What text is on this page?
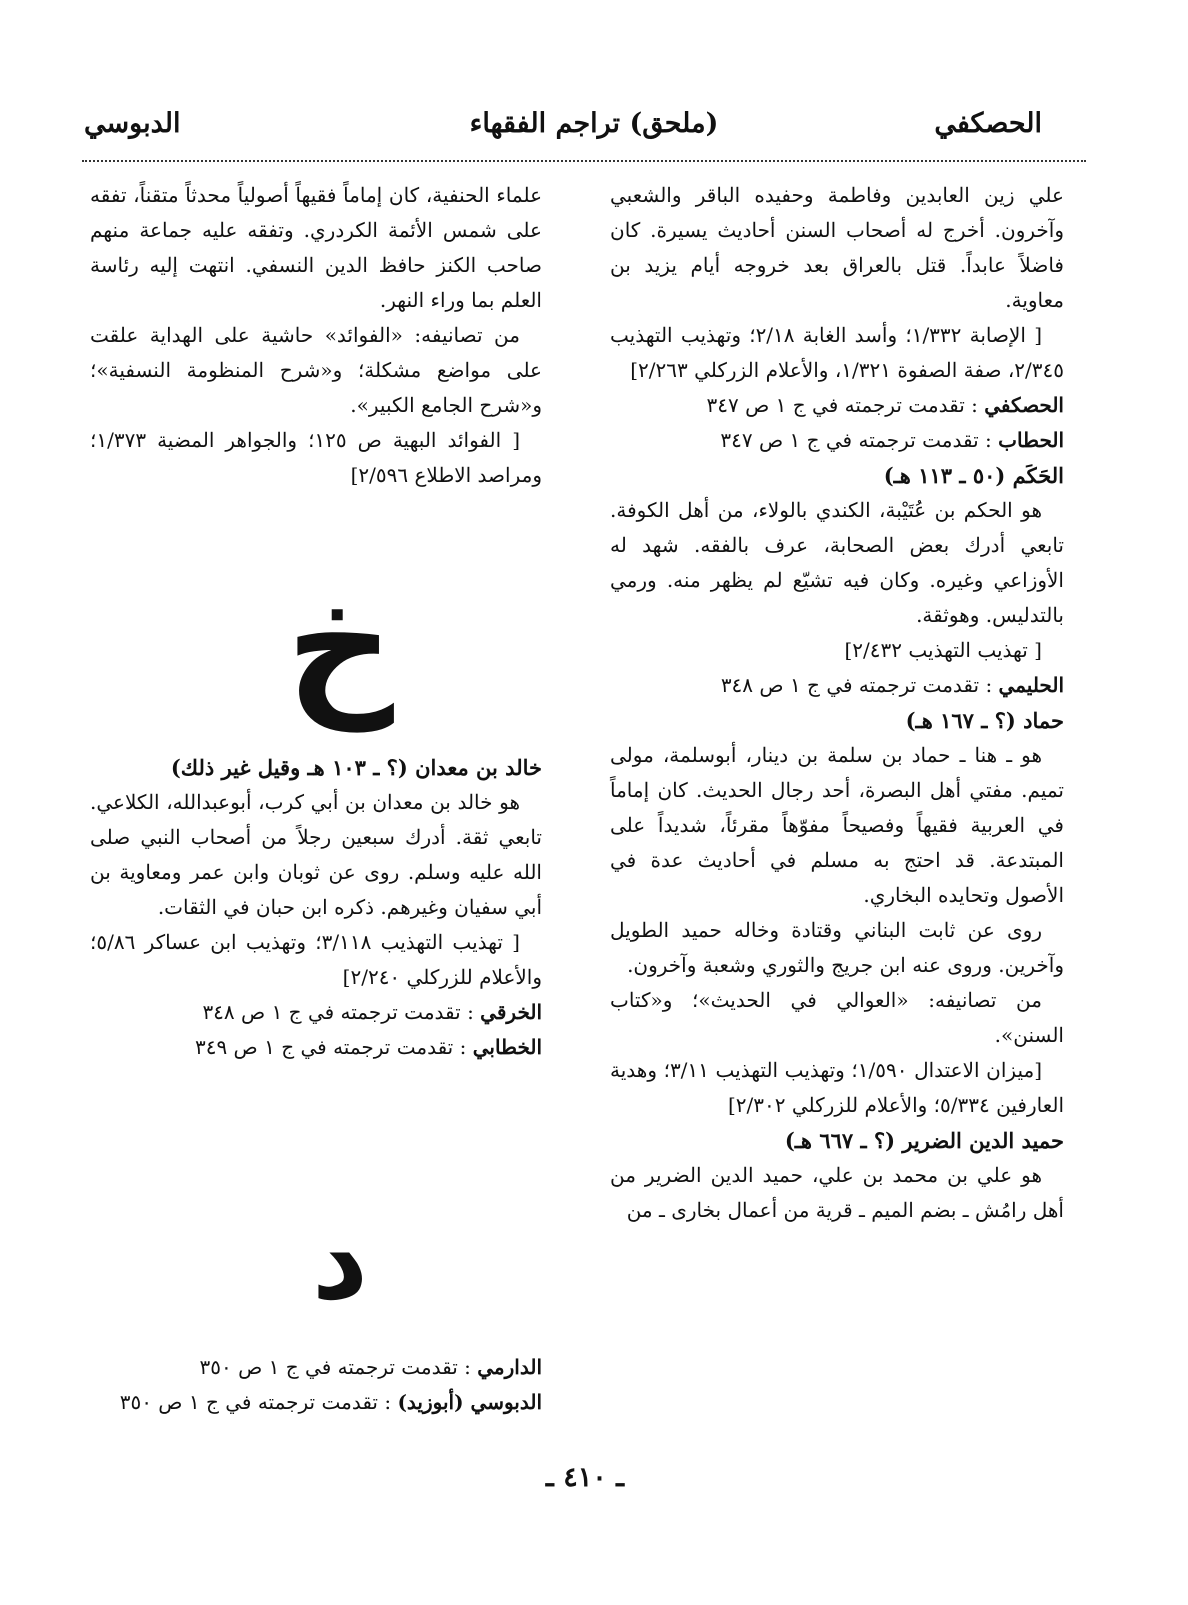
الحصكفي
(ملحق) تراجم الفقهاء
الدبوسي

علي زين العابدين وفاطمة وحفيده الباقر والشعبي وآخرون. أخرج له أصحاب السنن أحاديث يسيرة. كان فاضلاً عابداً. قتل بالعراق بعد خروجه أيام يزيد بن معاوية.

[ الإصابة ١/٣٣٢؛ وأسد الغابة ٢/١٨؛ وتهذيب التهذيب ٢/٣٤٥، صفة الصفوة ١/٣٢١، والأعلام الزركلي ٢/٢٦٣]

الحصكفي : تقدمت ترجمته في ج ١ ص ٣٤٧

الحطاب : تقدمت ترجمته في ج ١ ص ٣٤٧

الحَكَم (٥٠ ـ ١١٣ هـ)

هو الحكم بن عُتَيْبة، الكندي بالولاء، من أهل الكوفة. تابعي أدرك بعض الصحابة، عرف بالفقه. شهد له الأوزاعي وغيره. وكان فيه تشيّع لم يظهر منه. ورمي بالتدليس. وهوثقة.

[ تهذيب التهذيب ٢/٤٣٢]

الحليمي : تقدمت ترجمته في ج ١ ص ٣٤٨

حماد (؟ ـ ١٦٧ هـ)

هو ـ هنا ـ حماد بن سلمة بن دينار، أبوسلمة، مولى تميم. مفتي أهل البصرة، أحد رجال الحديث. كان إماماً في العربية فقيهاً وفصيحاً مفوّهاً مقرئاً، شديداً على المبتدعة. قد احتج به مسلم في أحاديث عدة في الأصول وتحايده البخاري.

روى عن ثابت البناني وقتادة وخاله حميد الطويل وآخرين. وروى عنه ابن جريج والثوري وشعبة وآخرون.

من تصانيفه: «العوالي في الحديث»؛ و«كتاب السنن».

[ميزان الاعتدال ١/٥٩٠؛ وتهذيب التهذيب ٣/١١؛ وهدية العارفين ٥/٣٣٤؛ والأعلام للزركلي ٢/٣٠٢]

حميد الدين الضرير (؟ ـ ٦٦٧ هـ)

هو علي بن محمد بن علي، حميد الدين الضرير من أهل رامُش ـ بضم الميم ـ قرية من أعمال بخارى ـ من

علماء الحنفية، كان إماماً فقيهاً أصولياً محدثاً متقناً، تفقه على شمس الأئمة الكردري. وتفقه عليه جماعة منهم صاحب الكنز حافظ الدين النسفي. انتهت إليه رئاسة العلم بما وراء النهر.

من تصانيفه: «الفوائد» حاشية على الهداية علقت على مواضع مشكلة؛ و«شرح المنظومة النسفية»؛ و«شرح الجامع الكبير».

[ الفوائد البهية ص ١٢٥؛ والجواهر المضية ١/٣٧٣؛ ومراصد الاطلاع ٢/٥٩٦]

خ

خالد بن معدان (؟ ـ ١٠٣ هـ وقيل غير ذلك)

هو خالد بن معدان بن أبي كرب، أبوعبدالله، الكلاعي. تابعي ثقة. أدرك سبعين رجلاً من أصحاب النبي صلى الله عليه وسلم. روى عن ثوبان وابن عمر ومعاوية بن أبي سفيان وغيرهم. ذكره ابن حبان في الثقات.

[ تهذيب التهذيب ٣/١١٨؛ وتهذيب ابن عساكر ٥/٨٦؛ والأعلام للزركلي ٢/٢٤٠]

الخرقي : تقدمت ترجمته في ج ١ ص ٣٤٨

الخطابي : تقدمت ترجمته في ج ١ ص ٣٤٩

د

الدارمي : تقدمت ترجمته في ج ١ ص ٣٥٠

الدبوسي (أبوزيد) : تقدمت ترجمته في ج ١ ص ٣٥٠

ـ ٤١٠ ـ
